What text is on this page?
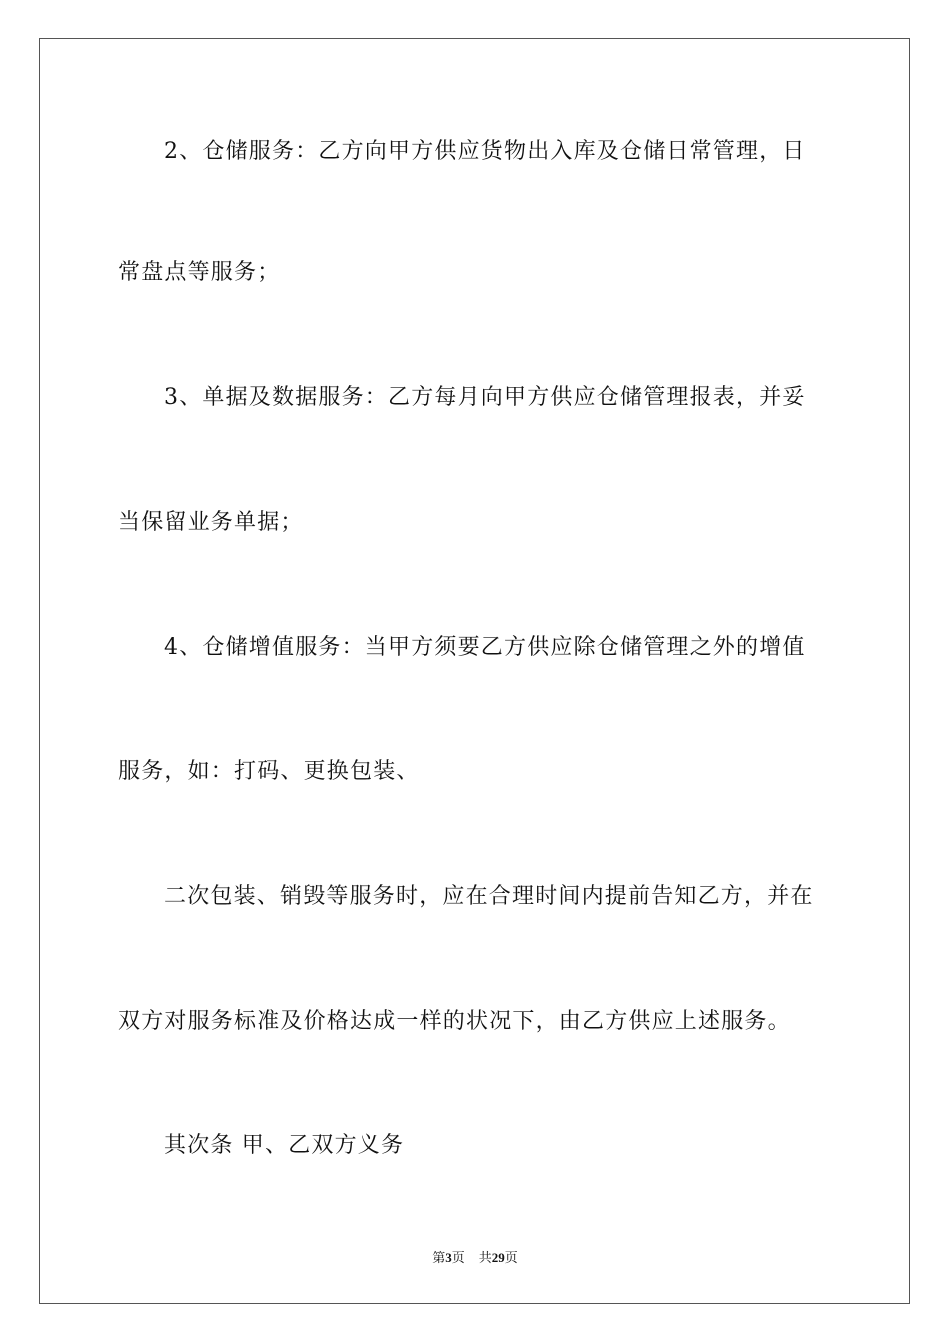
2、仓储服务：乙方向甲方供应货物出入库及仓储日常管理，日
常盘点等服务；
3、单据及数据服务：乙方每月向甲方供应仓储管理报表，并妥
当保留业务单据；
4、仓储增值服务：当甲方须要乙方供应除仓储管理之外的增值
服务，如：打码、更换包装、
二次包装、销毁等服务时，应在合理时间内提前告知乙方，并在
双方对服务标准及价格达成一样的状况下，由乙方供应上述服务。
其次条 甲、乙双方义务
第3页 共29页
